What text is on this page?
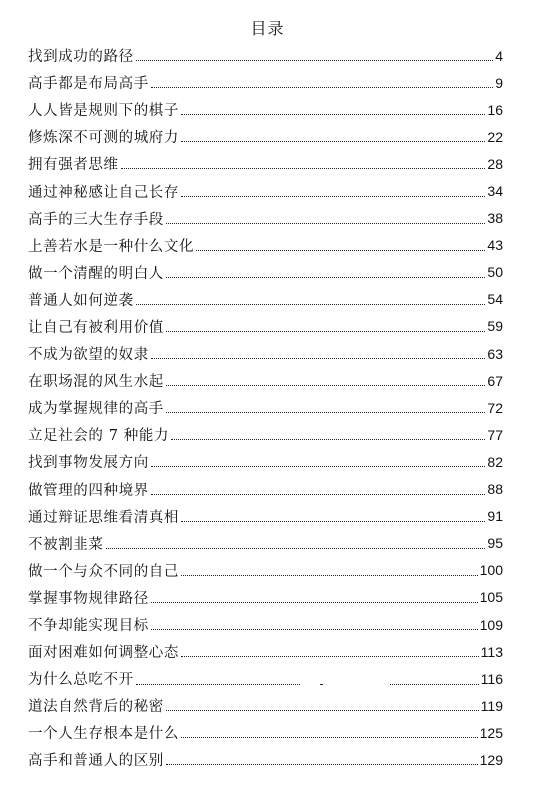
目录
找到成功的路径	4
高手都是布局高手	9
人人皆是规则下的棋子	16
修炼深不可测的城府力	22
拥有强者思维	28
通过神秘感让自己长存	34
高手的三大生存手段	38
上善若水是一种什么文化	43
做一个清醒的明白人	50
普通人如何逆袭	54
让自己有被利用价值	59
不成为欲望的奴隶	63
在职场混的风生水起	67
成为掌握规律的高手	72
立足社会的 7 种能力	77
找到事物发展方向	82
做管理的四种境界	88
通过辩证思维看清真相	91
不被割韭菜	95
做一个与众不同的自己	100
掌握事物规律路径	105
不争却能实现目标	109
面对困难如何调整心态	113
为什么总吃不开	116
道法自然背后的秘密	119
一个人生存根本是什么	125
高手和普通人的区别	129
